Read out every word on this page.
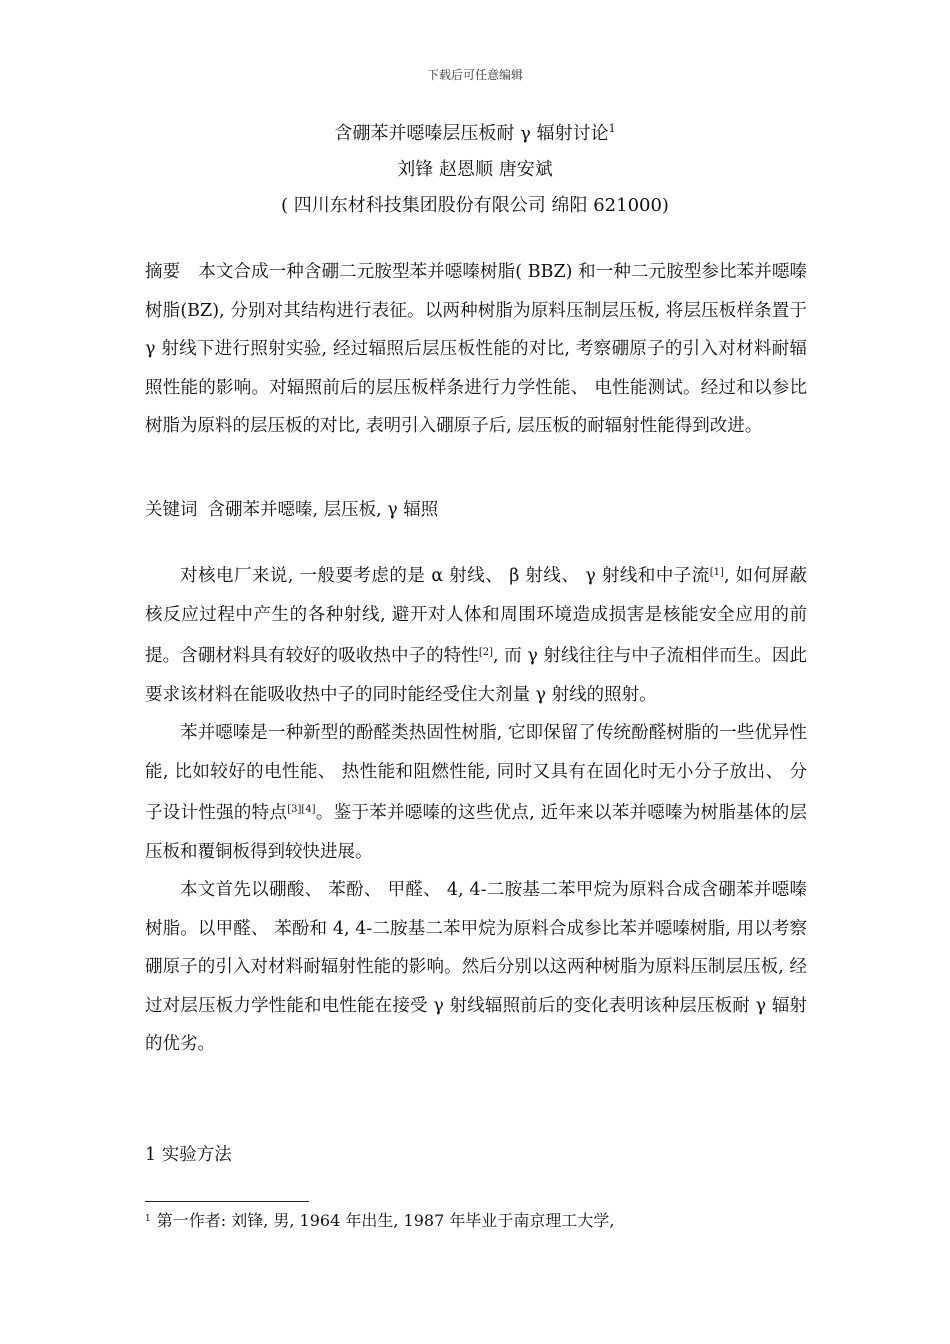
下载后可任意编辑
含硼苯并噁嗪层压板耐 γ 辐射讨论$^1$
刘锋 赵恩顺 唐安斌
( 四川东材科技集团股份有限公司 绵阳 621000)
摘要 本文合成一种含硼二元胺型苯并噁嗪树脂( BBZ) 和一种二元胺型参比苯并噁嗪树脂(BZ), 分别对其结构进行表征。以两种树脂为原料压制层压板, 将层压板样条置于 γ 射线下进行照射实验, 经过辐照后层压板性能的对比, 考察硼原子的引入对材料耐辐照性能的影响。对辐照前后的层压板样条进行力学性能、 电性能测试。经过和以参比树脂为原料的层压板的对比, 表明引入硼原子后, 层压板的耐辐射性能得到改进。
关键词 含硼苯并噁嗪, 层压板, γ 辐照

对核电厂来说, 一般要考虑的是 α 射线、 β 射线、 γ 射线和中子流[1], 如何屏蔽核反应过程中产生的各种射线, 避开对人体和周围环境造成损害是核能安全应用的前提。含硼材料具有较好的吸收热中子的特性[2], 而 γ 射线往往与中子流相伴而生。因此要求该材料在能吸收热中子的同时能经受住大剂量 γ 射线的照射。

苯并噁嗪是一种新型的酚醛类热固性树脂, 它即保留了传统酚醛树脂的一些优异性能, 比如较好的电性能、 热性能和阻燃性能, 同时又具有在固化时无小分子放出、 分子设计性强的特点[3][4]。鉴于苯并噁嗪的这些优点, 近年来以苯并噁嗪为树脂基体的层压板和覆铜板得到较快进展。

本文首先以硼酸、 苯酚、 甲醛、 4, 4-二胺基二苯甲烷为原料合成含硼苯并噁嗪树脂。以甲醛、 苯酚和 4, 4-二胺基二苯甲烷为原料合成参比苯并噁嗪树脂, 用以考察硼原子的引入对材料耐辐射性能的影响。然后分别以这两种树脂为原料压制层压板, 经过对层压板力学性能和电性能在接受 γ 射线辐照前后的变化表明该种层压板耐 γ 辐射的优劣。

1 实验方法
$^1$ 第一作者: 刘锋, 男, 1964 年出生, 1987 年毕业于南京理工大学,
